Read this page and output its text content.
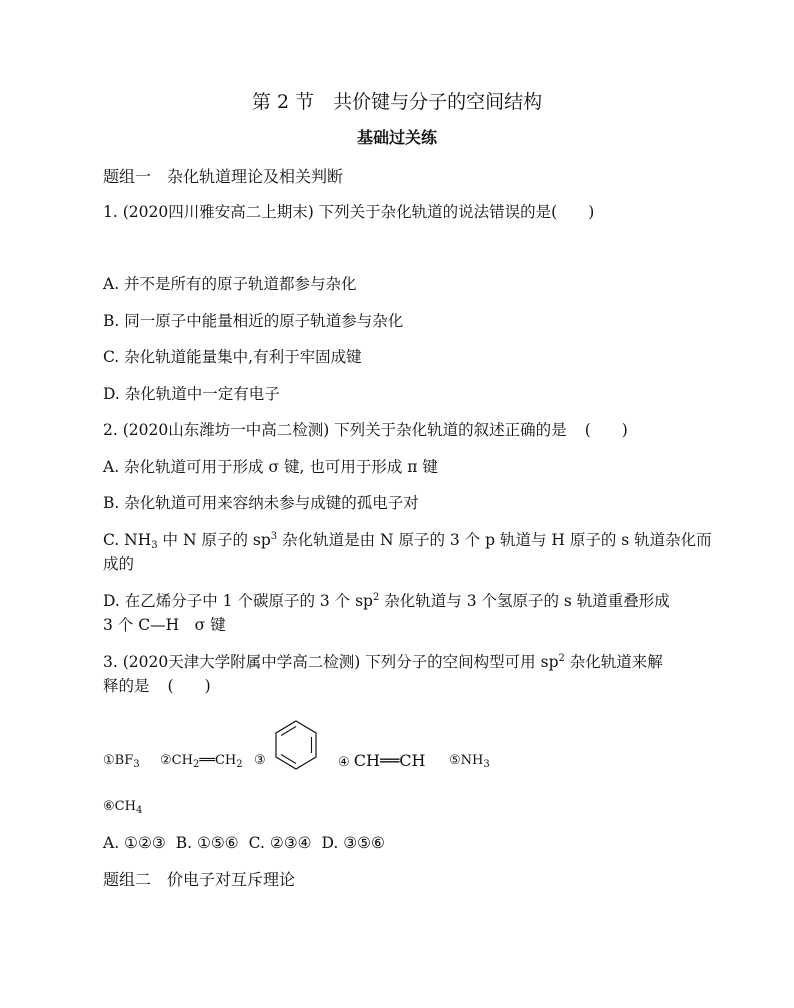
第 2 节　共价键与分子的空间结构
基础过关练
题组一　杂化轨道理论及相关判断
1. (2020四川雅安高二上期末) 下列关于杂化轨道的说法错误的是(　　)
A. 并不是所有的原子轨道都参与杂化
B. 同一原子中能量相近的原子轨道参与杂化
C. 杂化轨道能量集中,有利于牢固成键
D. 杂化轨道中一定有电子
2. (2020山东潍坊一中高二检测) 下列关于杂化轨道的叙述正确的是 (　　)
A. 杂化轨道可用于形成 σ 键, 也可用于形成 π 键
B. 杂化轨道可用来容纳未参与成键的孤电子对
C. $NH_3$ 中 N 原子的 $sp^3$ 杂化轨道是由 N 原子的 3 个 p 轨道与 H 原子的 s 轨道杂化而
成的
D. 在乙烯分子中 1 个碳原子的 3 个 $sp^2$ 杂化轨道与 3 个氢原子的 s 轨道重叠形成
3 个 C—H　σ 键
3. (2020天津大学附属中学高二检测) 下列分子的空间构型可用 $sp^2$ 杂化轨道来解
释的是 (　　)
$①BF_3$ $②CH_2══CH_2$ ③	④ CH══CH $⑤NH_3$
$⑥CH_4$
A. ①②③ B. ①⑤⑥ C. ②③④ D. ③⑤⑥
题组二　价电子对互斥理论
